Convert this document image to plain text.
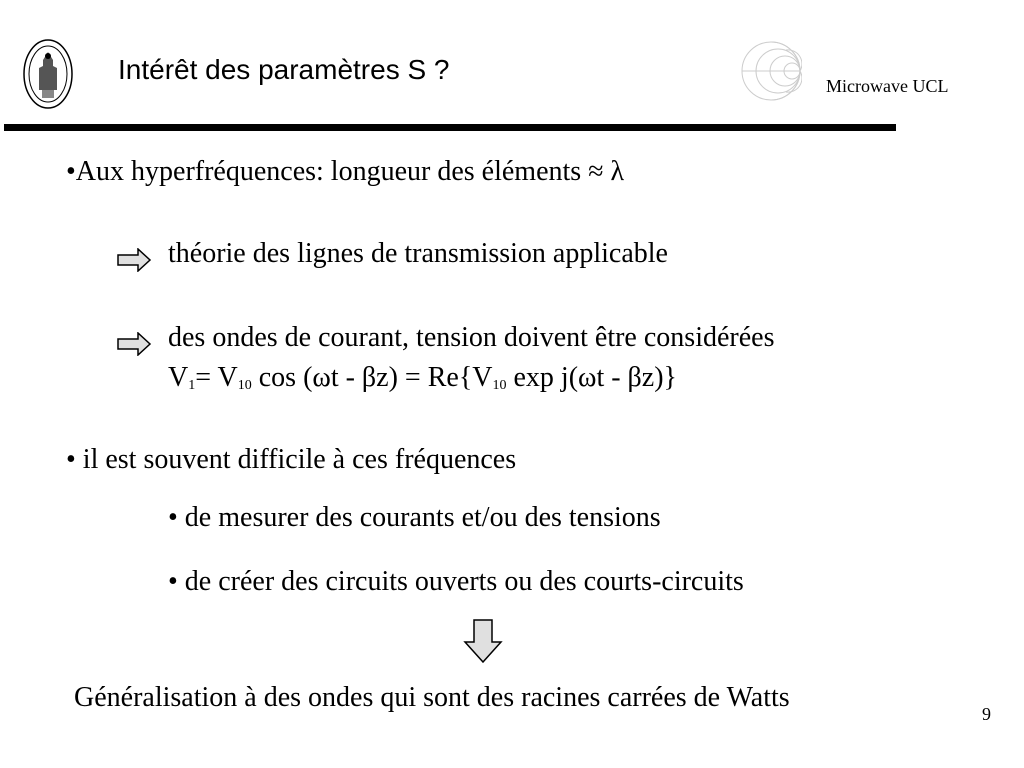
Intérêt des paramètres S ?
Microwave UCL
•Aux hyperfréquences: longueur des éléments ≈ λ
théorie des lignes de transmission applicable
des ondes de courant, tension doivent être considérées
$V_1= V_{10}$ $\cos (\omega t - \beta z) = Re\{V_{10}$ exp j(ωt - βz)}
• il est souvent difficile à ces fréquences
• de mesurer des courants et/ou des tensions
• de créer des circuits ouverts ou des courts-circuits
Généralisation à des ondes qui sont des racines carrées de Watts
9
